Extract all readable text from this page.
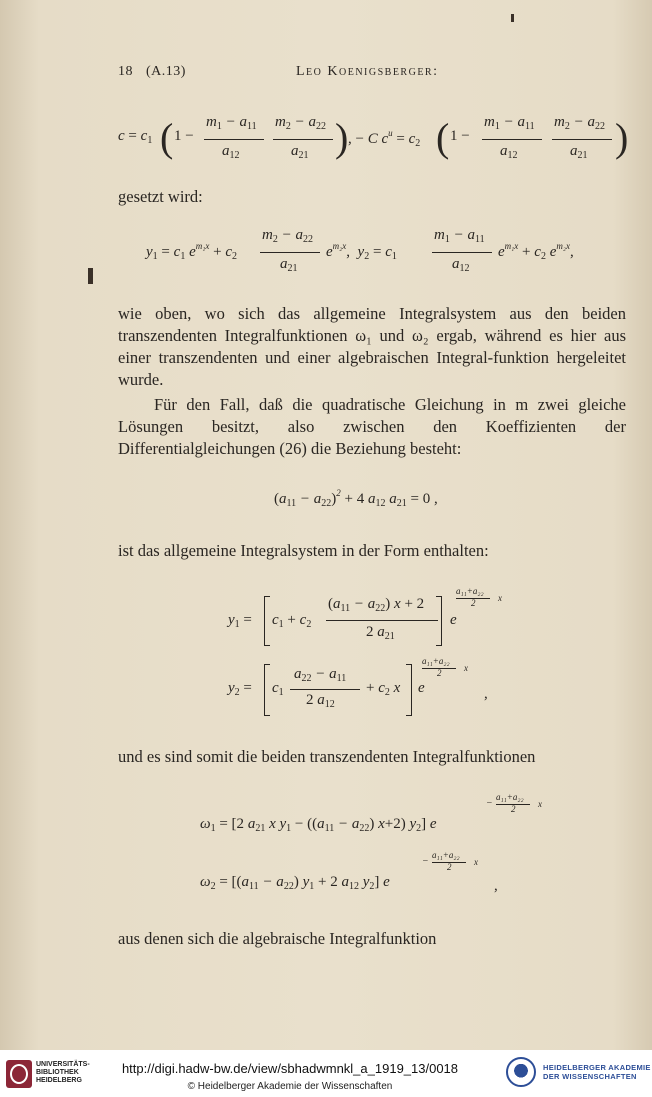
18 (A.13)	Leo Koenigsberger:
$c = c_1$ ( 1 −
$m_1 - a_{11}$
$a_{12}$
$m_2 - a_{22}$
$a_{21}$ ) , − C $c^u = c_2$ ( 1 −
$m_1 - a_{11}$
$a_{12}$
$m_2 - a_{22}$
$a_{21}$ )

gesetzt wird:

$y_1 = c_1$ $e^{m_1x} + c_2$
$m_2 - a_{22}$
$a_{21}$
$e^{m_2x}$,  $y_2 = c_1$
$m_1 - a_{11}$
$a_{12}$
$e^{m_1x} + c_2$ $e^{m_2x}$,

wie oben, wo sich das allgemeine Integralsystem aus den beiden transzendenten Integralfunktionen ω₁ und ω₂ ergab, während es hier aus einer transzendenten und einer algebraischen Integral-funktion hergeleitet wurde.

Für den Fall, daß die quadratische Gleichung in m zwei gleiche Lösungen besitzt, also zwischen den Koeffizienten der Differentialgleichungen (26) die Beziehung besteht:

$(a_{11} - a_{22})^2 + 4$ $a_{12}$ $a_{21} = 0$ ,

ist das allgemeine Integralsystem in der Form enthalten:

$y_1 = c_1 + c_2$
$(a_{11} - a_{22}) x + 2$
2 $a_{21}$
e
a₁₁+a₂₂
2	x
$y_2 = c_1$
$a_{22} - a_{11}$
2 $a_{12}$
+ $c_2$ x e
a₁₁+a₂₂
2	x
,

und es sind somit die beiden transzendenten Integralfunktionen

$\omega_1 = [2$ $a_{21}$ x $y_1 - ((a_{11} - a_{22})$ x+2) $y_2$] e
−
a₁₁+a₂₂
2	x
$\omega_2 = [(a_{11} - a_{22}) y_1 + 2$ $a_{12}$ $y_2$] e
−
a₁₁+a₂₂
2	x
,

aus denen sich die algebraische Integralfunktion

UNIVERSITÄTS-
BIBLIOTHEK
HEIDELBERG
http://digi.hadw-bw.de/view/sbhadwmnkl_a_1919_13/0018
© Heidelberger Akademie der Wissenschaften
HEIDELBERGER AKADEMIE
DER WISSENSCHAFTEN
